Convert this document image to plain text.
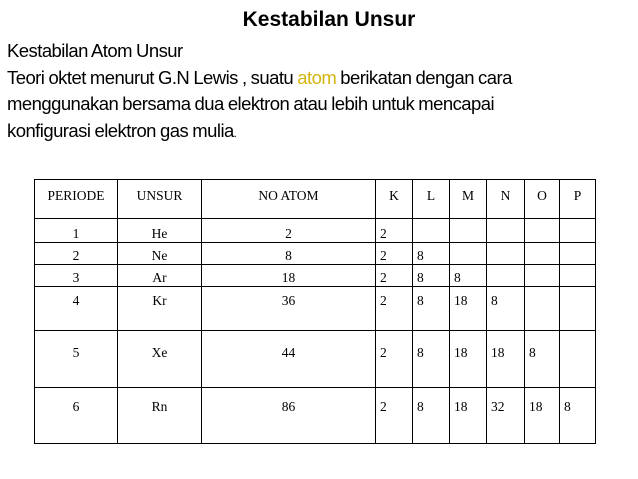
Kestabilan Unsur
Kestabilan Atom Unsur
Teori oktet menurut G.N Lewis , suatu atom berikatan dengan cara
menggunakan bersama dua elektron atau lebih untuk mencapai
konfigurasi elektron gas mulia.
PERIODE	UNSUR	NO ATOM	K	L	M	N	O	P
1	He	2	2					
2	Ne	8	2	8				
3	Ar	18	2	8	8			
4	Kr	36	2	8	18	8		
5	Xe	44	2	8	18	18	8	
6	Rn	86	2	8	18	32	18	8
